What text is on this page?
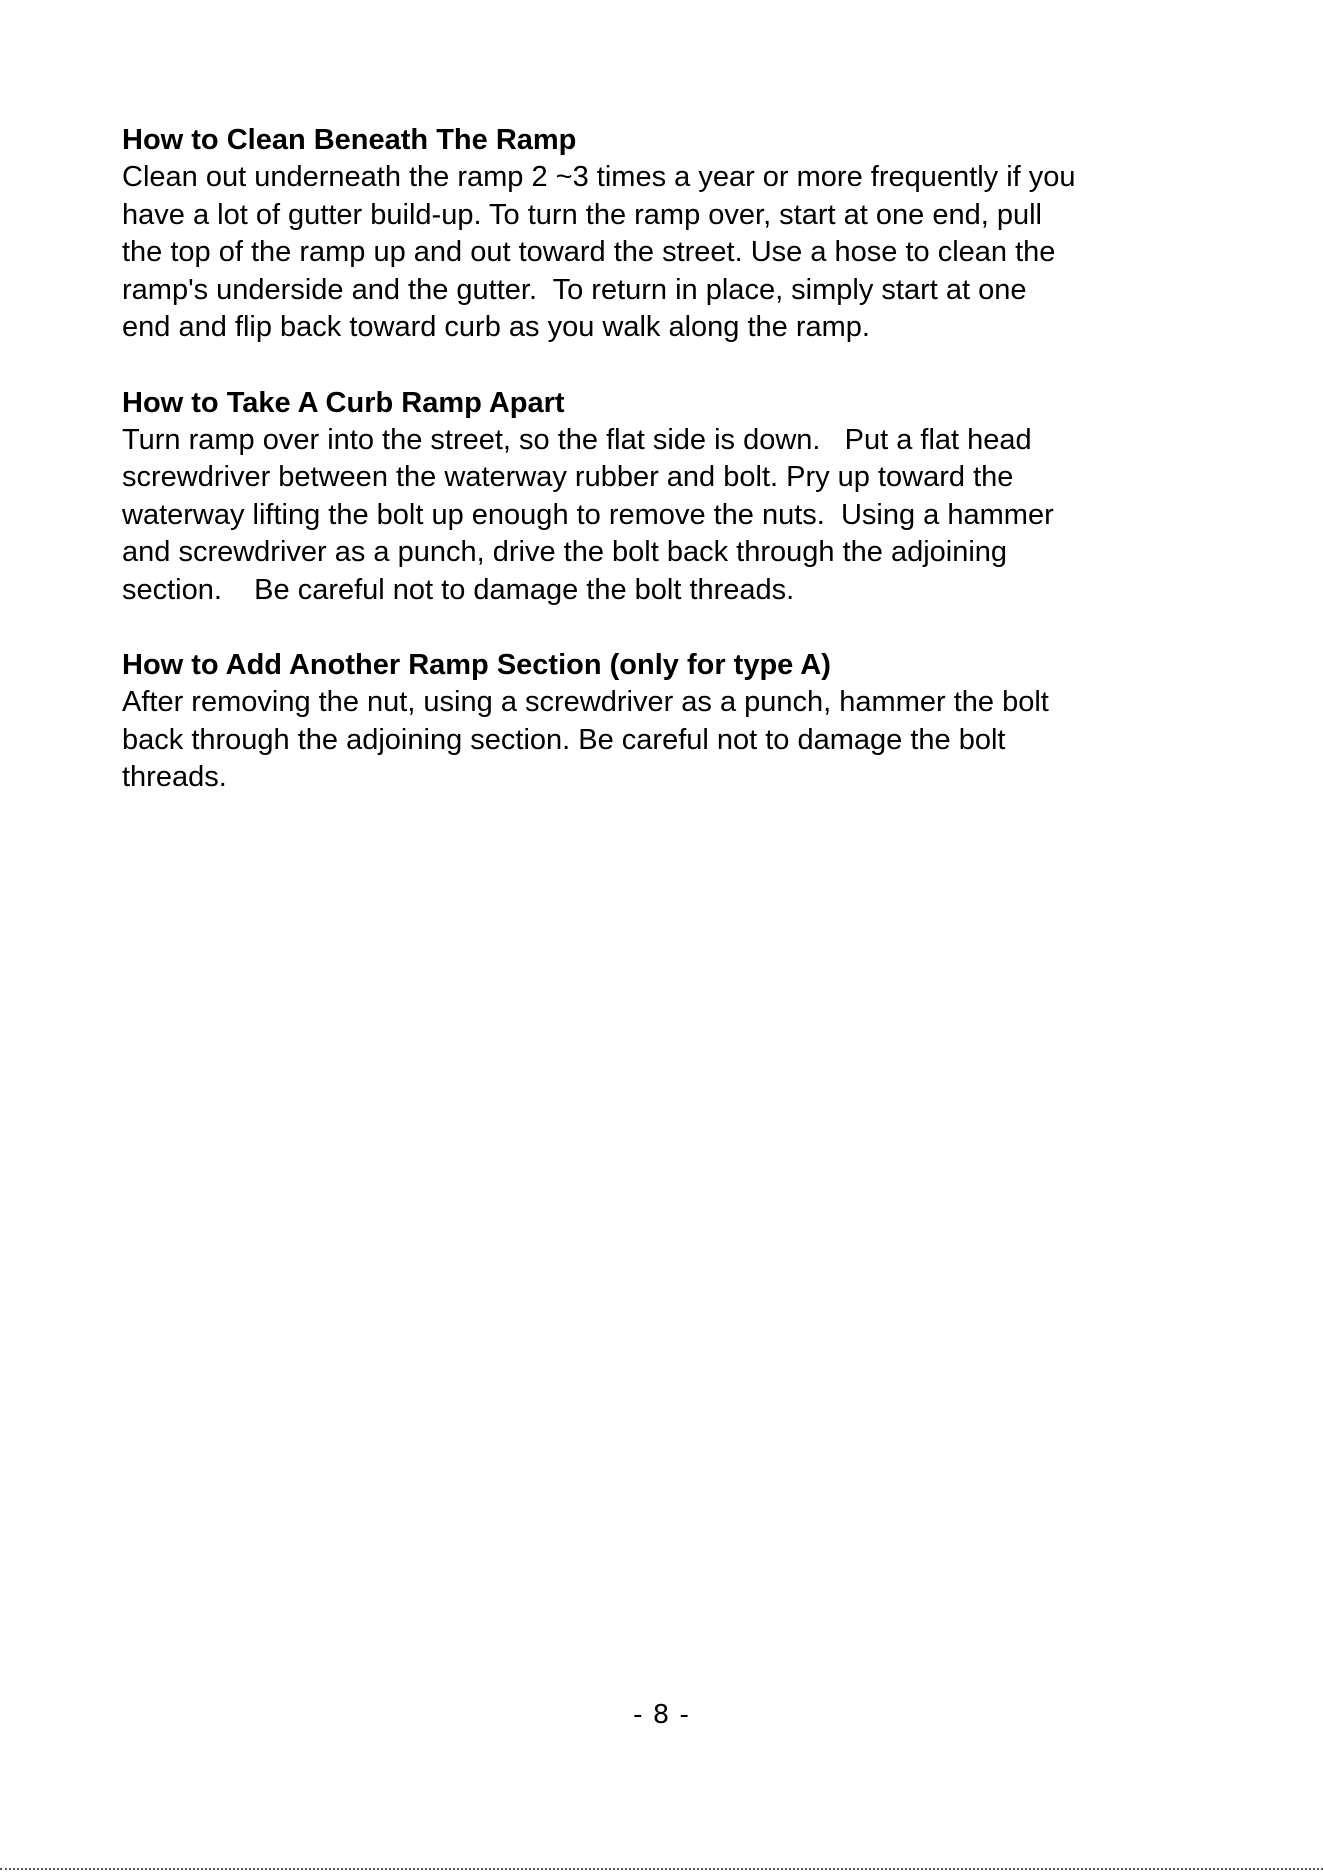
How to Clean Beneath The Ramp

Clean out underneath the ramp 2 ~3 times a year or more frequently if you

have a lot of gutter build-up. To turn the ramp over, start at one end, pull

the top of the ramp up and out toward the street. Use a hose to clean the

ramp's underside and the gutter.  To return in place, simply start at one

end and flip back toward curb as you walk along the ramp.

How to Take A Curb Ramp Apart

Turn ramp over into the street, so the flat side is down.   Put a flat head

screwdriver between the waterway rubber and bolt. Pry up toward the

waterway lifting the bolt up enough to remove the nuts.  Using a hammer

and screwdriver as a punch, drive the bolt back through the adjoining

section.    Be careful not to damage the bolt threads.

How to Add Another Ramp Section (only for type A)

After removing the nut, using a screwdriver as a punch, hammer the bolt

back through the adjoining section. Be careful not to damage the bolt

threads.

- 8 -
